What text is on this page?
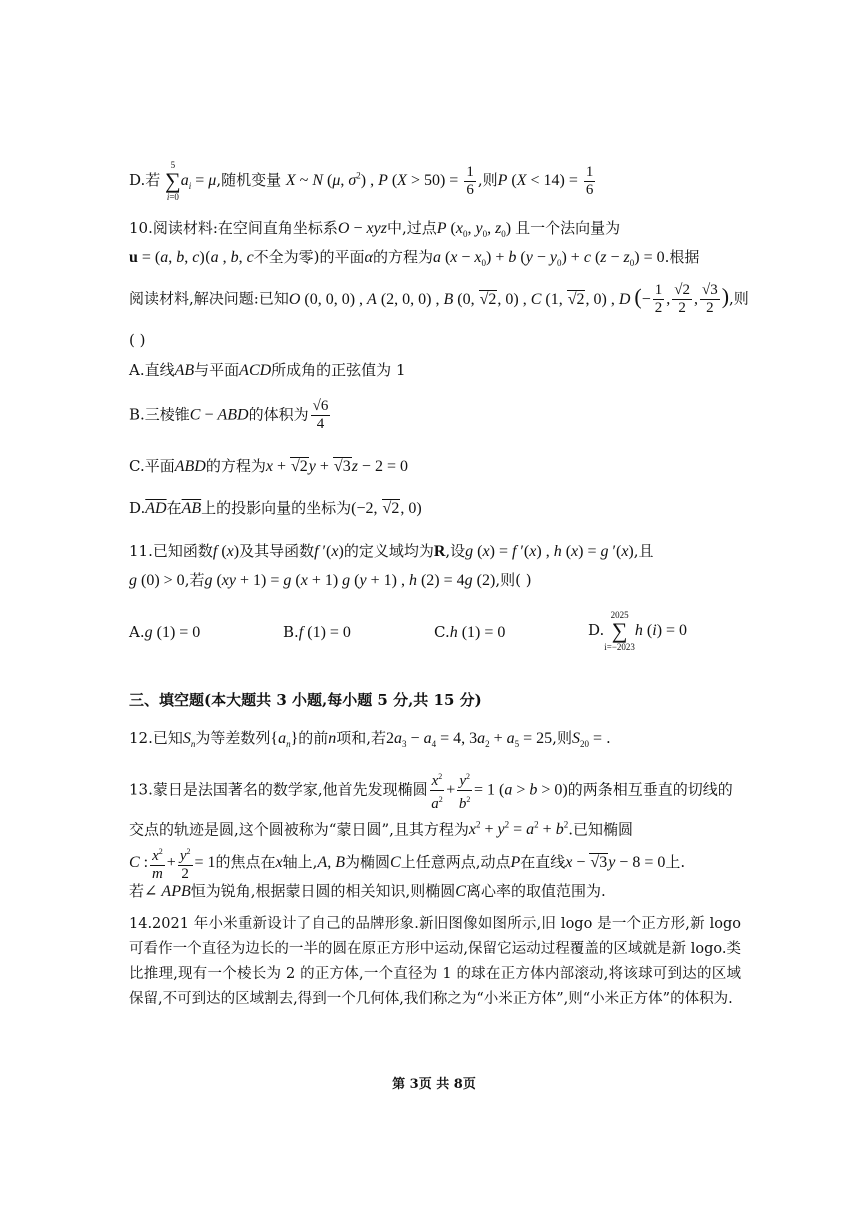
D.若
5
∑
i=0
$a_i = \mu$,随机变量 X ~ N (μ, $\sigma^2$) , P $(X > 50) = \frac{1}{6}$ ,则P $(X < 14) = \frac{1}{6}$
10.阅读材料:在空间直角坐标系O − xyz中,过点P ($x_0$, $y_0$, $z_0$) 且一个法向量为
u = (a, b, c)(a , b, c不全为零)的平面α的方程为a $(x - x_0) + b$ $(y - y_0) + c$ $(z - z_0) = 0$.根据
阅读材料,解决问题:已知O (0, 0, 0) , A (2, 0, 0) , B (0, √2, 0) , C (1, √2, 0) , D (− $\frac{1}{2}$ , $\frac{√2}{2}$ , $\frac{√3}{2}$ ),则
( )
A.直线AB与平面ACD所成角的正弦值为 1
B.三棱锥C − ABD的体积为 $\frac{√6}{4}$
C.平面ABD的方程为x + √2y + √3z − 2 = 0
$D.\overline{AD}$在$\overline{AB}$上的投影向量的坐标为(−2, √2, 0)
11.已知函数f (x)及其导函数f ′(x)的定义域均为R,设g (x) = f ′(x) , h (x) = g ′(x),且
g (0) > 0,若g (xy + 1) = g (x + 1) g (y + 1) , h (2) = 4g (2),则( )
A.g (1) = 0	B.f (1) = 0	C.h (1) = 0	D.
2025
∑
i=−2023
h (i) = 0
三、填空题(本大题共 3 小题,每小题 5 分,共 15 分)
12.已知$S_n$为等差数列$\{a_n\}$的前n项和,若$2a_3 - a_4 = 4$, $3a_2 + a_5 = 25$,则$S_{20}$ = .
13.蒙日是法国著名的数学家,他首先发现椭圆 $\frac{x^2}{a^2} + \frac{y^2}{b^2} = 1$ (a > b > 0)的两条相互垂直的切线的
交点的轨迹是圆,这个圆被称为“蒙日圆”,且其方程为$x^2 + y^2 = a^2 + b^2$.已知椭圆
C : $\frac{x^2}{m} + \frac{y^2}{2} = 1$的焦点在x轴上,A, B为椭圆C上任意两点,动点P在直线x − √3y − 8 = 0上.
若∠ APB恒为锐角,根据蒙日圆的相关知识,则椭圆C离心率的取值范围为.
14.2021 年小米重新设计了自己的品牌形象.新旧图像如图所示,旧 logo 是一个正方形,新 logo 可看作一个直径为边长的一半的圆在原正方形中运动,保留它运动过程覆盖的区域就是新 logo.类比推理,现有一个棱长为 2 的正方体,一个直径为 1 的球在正方体内部滚动,将该球可到达的区域保留,不可到达的区域割去,得到一个几何体,我们称之为“小米正方体”,则“小米正方体”的体积为.
第 3页 共 8页
